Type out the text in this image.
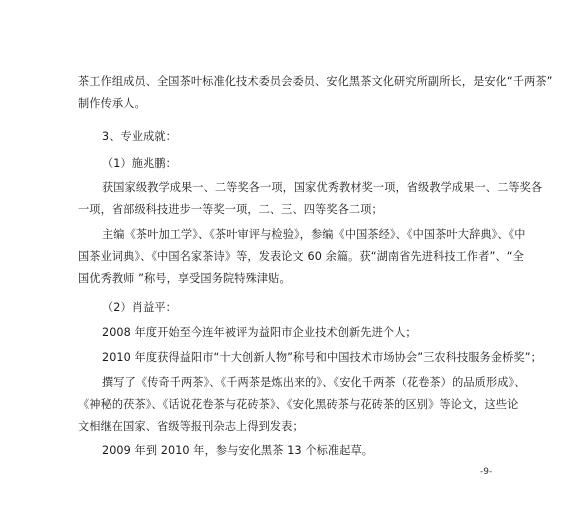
茶工作组成员、全国茶叶标准化技术委员会委员、安化黑茶文化研究所副所长，是安化“千两茶”
制作传承人。
3、专业成就：
（1）施兆鹏：
获国家级教学成果一、二等奖各一项，国家优秀教材奖一项，省级教学成果一、二等奖各
一项，省部级科技进步一等奖一项，二、三、四等奖各二项；
主编《茶叶加工学》、《茶叶审评与检验》，参编《中国茶经》、《中国茶叶大辞典》、《中
国茶业词典》、《中国名家茶诗》等，发表论文 60 余篇。获“湖南省先进科技工作者”、“全
国优秀教师 ”称号，享受国务院特殊津贴。
（2）肖益平：
2008 年度开始至今连年被评为益阳市企业技术创新先进个人；
2010 年度获得益阳市“十大创新人物”称号和中国技术市场协会”三农科技服务金桥奖”；
撰写了《传奇千两茶》、《千两茶是炼出来的》、《安化千两茶（花卷茶）的品质形成》、
《神秘的茯茶》、《话说花卷茶与花砖茶》、《安化黑砖茶与花砖茶的区别》等论文，这些论
文相继在国家、省级等报刊杂志上得到发表；
2009 年到 2010 年，参与安化黑茶 13 个标准起草。
-9-
